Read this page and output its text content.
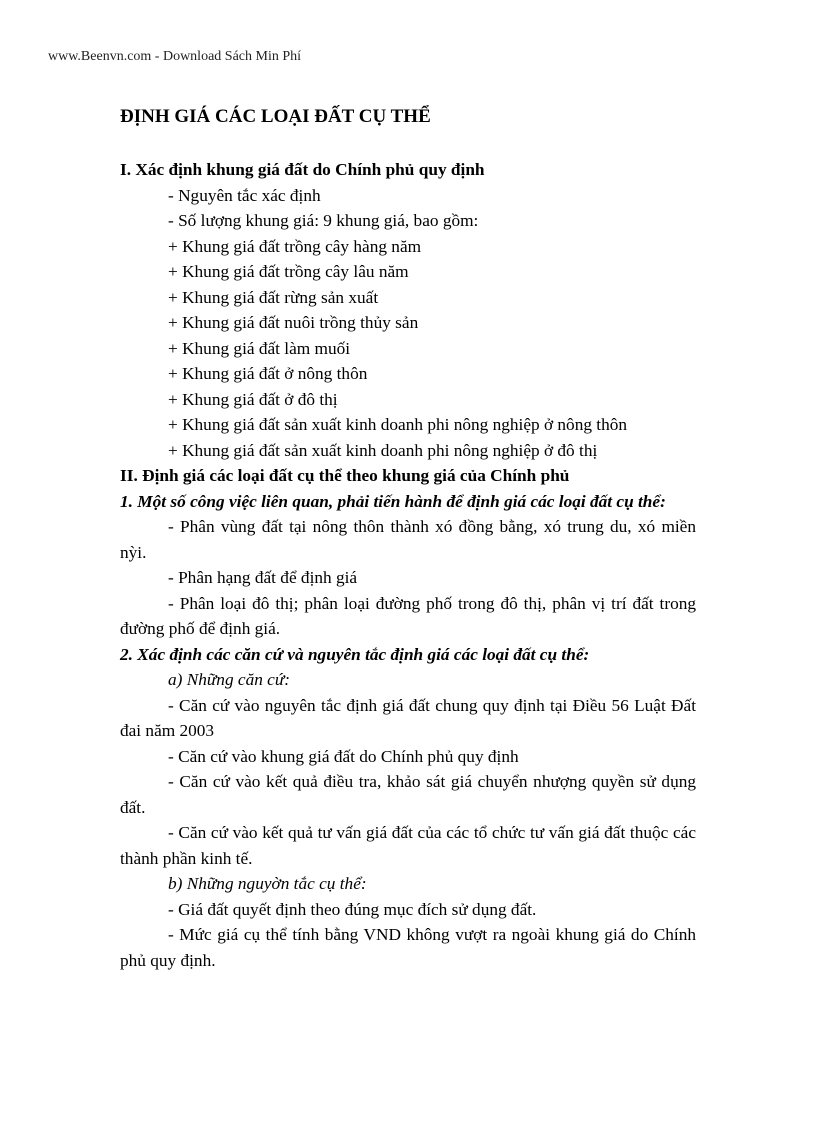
www.Beenvn.com - Download Sách Min Phí
ĐỊNH GIÁ CÁC LOẠI ĐẤT CỤ THỂ

I. Xác định khung giá đất do Chính phủ quy định

- Nguyên tắc xác định

- Số lượng khung giá: 9 khung giá, bao gồm:

+ Khung giá đất trồng cây hàng năm

+ Khung giá đất trồng cây lâu năm

+ Khung giá đất rừng sản xuất

+ Khung giá đất nuôi trồng thủy sản

+ Khung giá đất làm muối

+ Khung giá đất ở nông thôn

+ Khung giá đất ở đô thị

+ Khung giá đất sản xuất kinh doanh phi nông nghiệp ở nông thôn

+ Khung giá đất sản xuất kinh doanh phi nông nghiệp ở đô thị

II. Định giá các loại đất cụ thể theo khung giá của Chính phủ

1. Một số công việc liên quan, phải tiến hành để định giá các loại đất cụ thể:

- Phân vùng đất tại nông thôn thành xó đồng bằng, xó trung du, xó miền nỳi.

- Phân hạng đất để định giá

- Phân loại đô thị; phân loại đường phố trong đô thị, phân vị trí đất trong đường phố để định giá.

2. Xác định các căn cứ và nguyên tắc định giá các loại đất cụ thể:

a) Những căn cứ:

- Căn cứ vào nguyên tắc định giá đất chung quy định tại Điều 56 Luật Đất đai năm 2003

- Căn cứ vào khung giá đất do Chính phủ quy định

- Căn cứ vào kết quả điều tra, khảo sát giá chuyển nhượng quyền sử dụng đất.

- Căn cứ vào kết quả tư vấn giá đất của các tổ chức tư vấn giá đất thuộc các thành phần kinh tế.

b) Những nguyờn tắc cụ thể:

- Giá đất quyết định theo đúng mục đích sử dụng đất.

- Mức giá cụ thể tính bằng VND không vượt ra ngoài khung giá do Chính phủ quy định.
